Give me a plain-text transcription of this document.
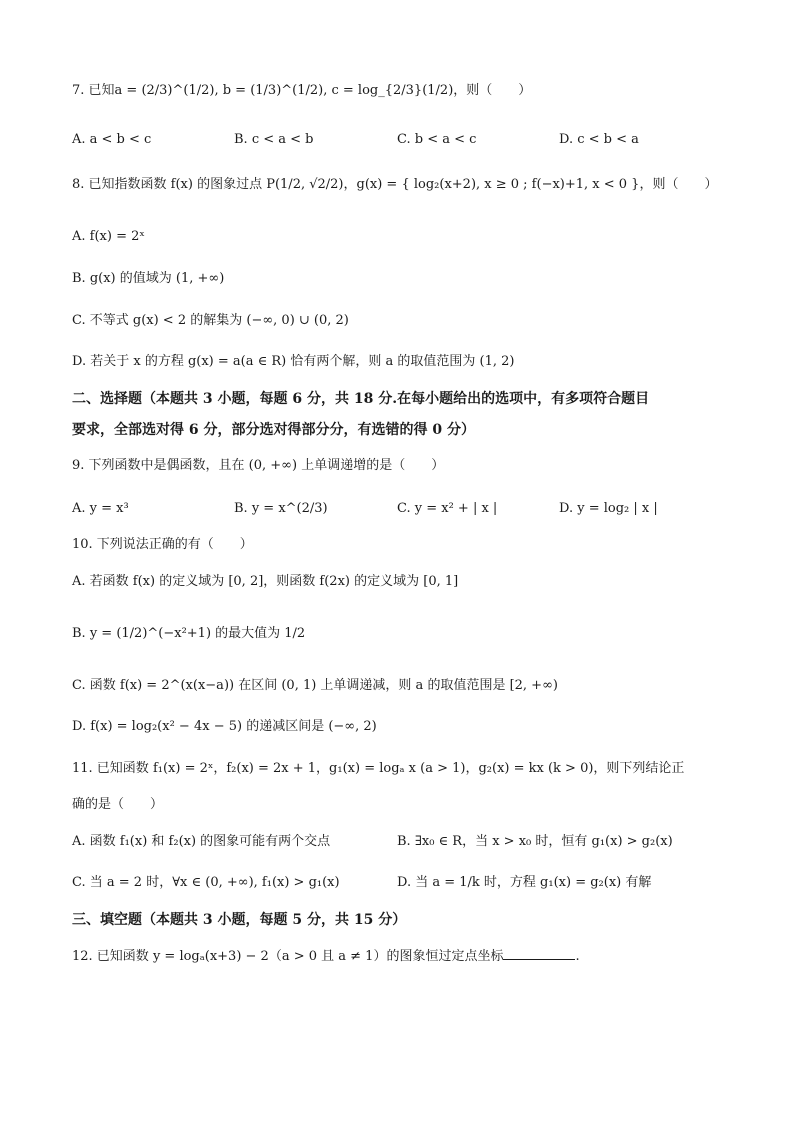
7. 已知a = (2/3)^(1/2), b = (1/3)^(1/2), c = log_{2/3}(1/2)，则（　　）
A. a < b < c	B. c < a < b	C. b < a < c	D. c < b < a
8. 已知指数函数 f(x) 的图象过点 P(1/2, √2/2)，g(x) = { log₂(x+2), x ≥ 0 ; f(−x)+1, x < 0 }，则（　　）
A. f(x) = 2ˣ
B. g(x) 的值域为 (1, +∞)
C. 不等式 g(x) < 2 的解集为 (−∞, 0) ∪ (0, 2)
D. 若关于 x 的方程 g(x) = a(a ∈ R) 恰有两个解，则 a 的取值范围为 (1, 2)
二、选择题（本题共 3 小题，每题 6 分，共 18 分.在每小题给出的选项中，有多项符合题目
要求，全部选对得 6 分，部分选对得部分分，有选错的得 0 分）
9. 下列函数中是偶函数，且在 (0, +∞) 上单调递增的是（　　）
A. y = x³	B. y = x^(2/3)	C. y = x² + | x |	D. y = log₂ | x |
10. 下列说法正确的有（　　）
A. 若函数 f(x) 的定义域为 [0, 2]，则函数 f(2x) 的定义域为 [0, 1]
B. y = (1/2)^(−x²+1) 的最大值为 1/2
C. 函数 f(x) = 2^(x(x−a)) 在区间 (0, 1) 上单调递减，则 a 的取值范围是 [2, +∞)
D. f(x) = log₂(x² − 4x − 5) 的递减区间是 (−∞, 2)
11. 已知函数 f₁(x) = 2ˣ，f₂(x) = 2x + 1，g₁(x) = logₐ x (a > 1)，g₂(x) = kx (k > 0)，则下列结论正
确的是（　　）
A. 函数 f₁(x) 和 f₂(x) 的图象可能有两个交点	B. ∃x₀ ∈ R，当 x > x₀ 时，恒有 g₁(x) > g₂(x)
C. 当 a = 2 时，∀x ∈ (0, +∞), f₁(x) > g₁(x)	D. 当 a = 1/k 时，方程 g₁(x) = g₂(x) 有解
三、填空题（本题共 3 小题，每题 5 分，共 15 分）
12. 已知函数 y = logₐ(x+3) − 2（a > 0 且 a ≠ 1）的图象恒过定点坐标	.
